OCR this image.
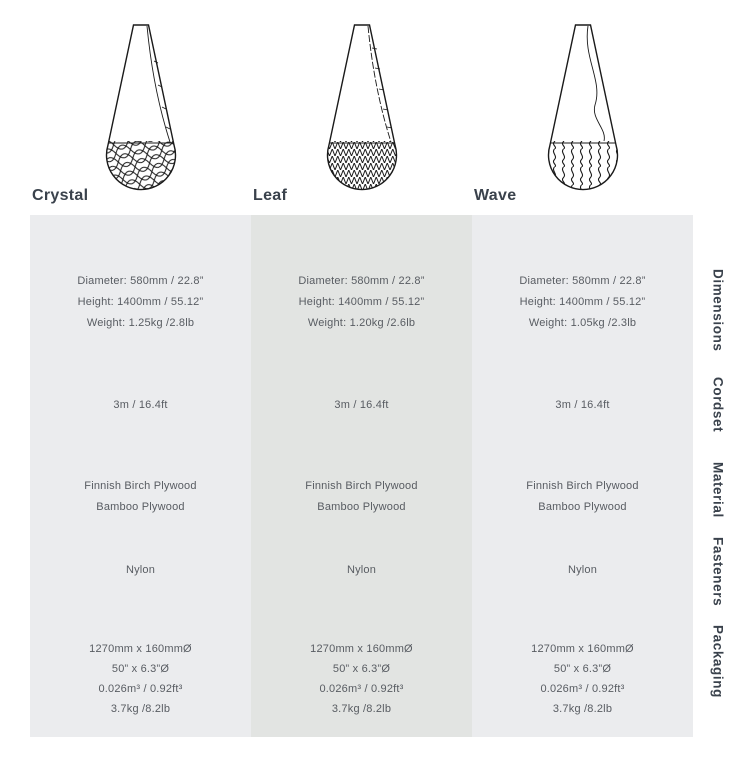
Crystal	Leaf	Wave
Diameter: 580mm / 22.8”
Height: 1400mm / 55.12”
Weight: 1.25kg /2.8lb
3m / 16.4ft
Finnish Birch Plywood
Bamboo Plywood
Nylon
1270mm x 160mmØ
50” x 6.3”Ø
0.026m³ / 0.92ft³
3.7kg /8.2lb
Diameter: 580mm / 22.8”
Height: 1400mm / 55.12”
Weight: 1.20kg /2.6lb
3m / 16.4ft
Finnish Birch Plywood
Bamboo Plywood
Nylon
1270mm x 160mmØ
50” x 6.3”Ø
0.026m³ / 0.92ft³
3.7kg /8.2lb
Diameter: 580mm / 22.8”
Height: 1400mm / 55.12”
Weight: 1.05kg /2.3lb
3m / 16.4ft
Finnish Birch Plywood
Bamboo Plywood
Nylon
1270mm x 160mmØ
50” x 6.3”Ø
0.026m³ / 0.92ft³
3.7kg /8.2lb
Dimensions
Cordset
Material
Fasteners
Packaging
